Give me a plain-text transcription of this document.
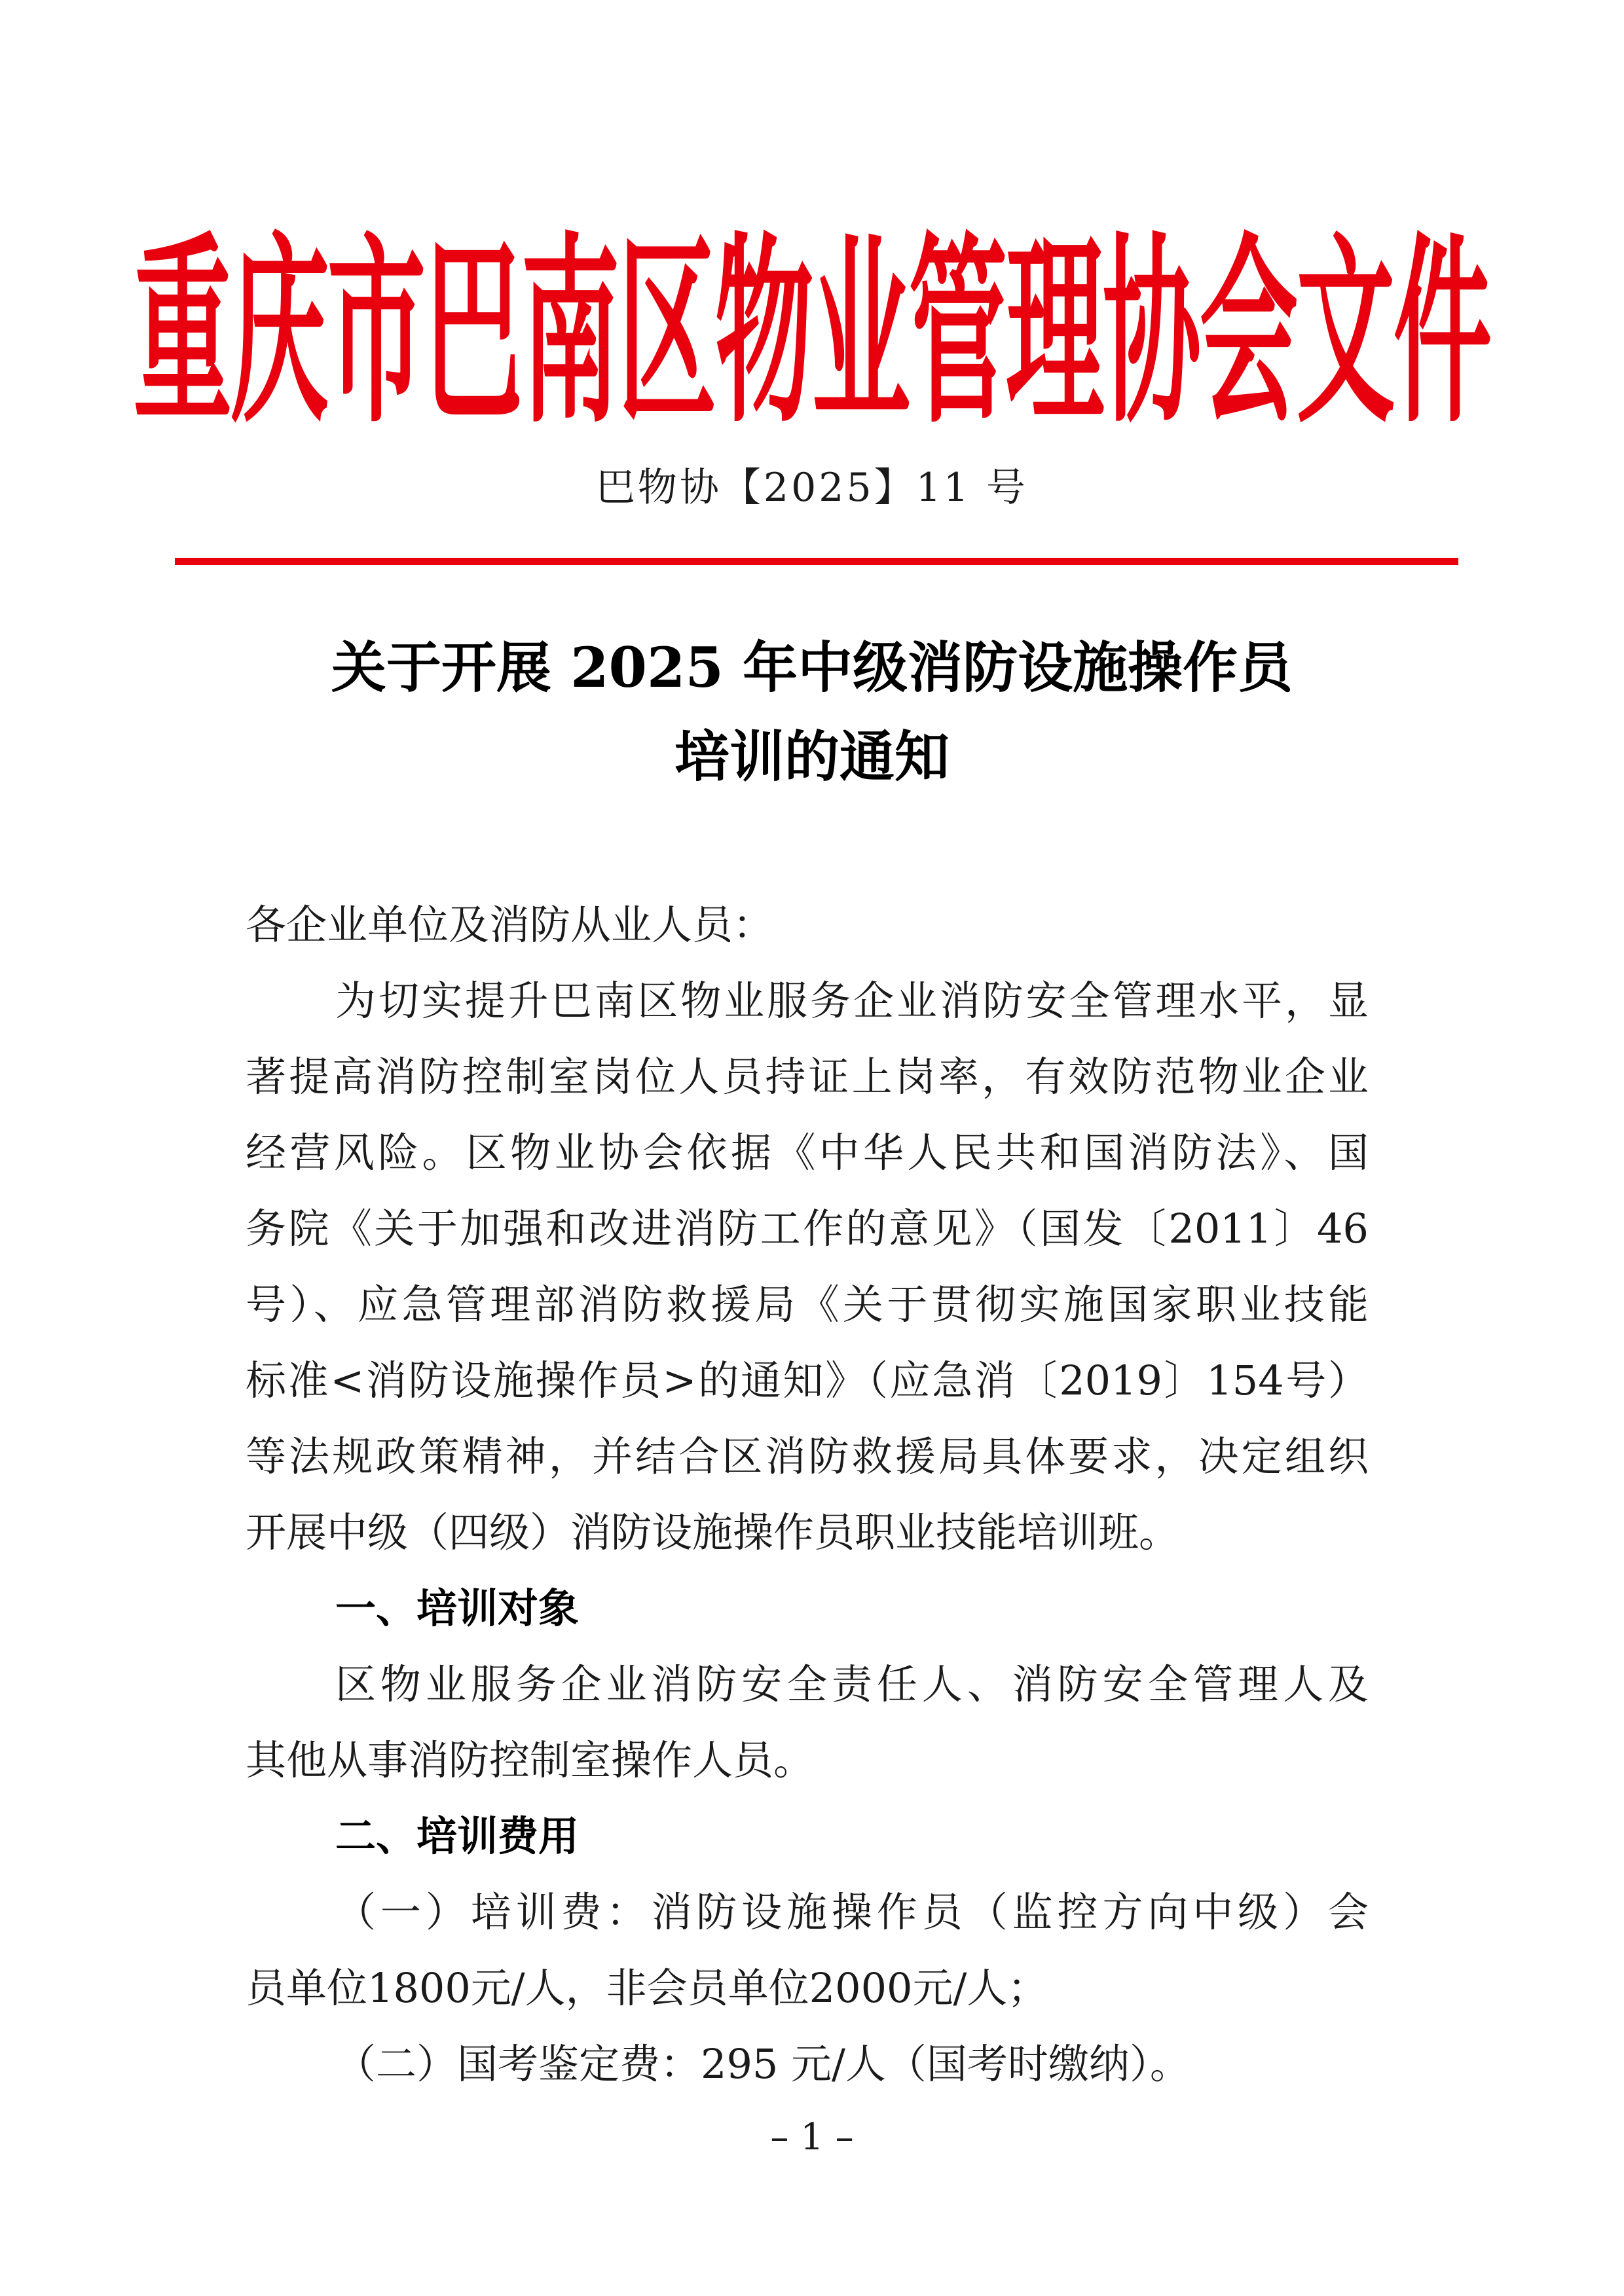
重庆市巴南区物业管理协会文件
巴物协【2025】11 号
关于开展 2025 年中级消防设施操作员
培训的通知
各企业单位及消防从业人员：
为切实提升巴南区物业服务企业消防安全管理水平，显
著提高消防控制室岗位人员持证上岗率，有效防范物业企业
经营风险。区物业协会依据《中华人民共和国消防法》、国
务院《关于加强和改进消防工作的意见》（国发〔2011〕46
号）、应急管理部消防救援局《关于贯彻实施国家职业技能
标准<消防设施操作员>的通知》（应急消〔2019〕154号）
等法规政策精神，并结合区消防救援局具体要求，决定组织
开展中级（四级）消防设施操作员职业技能培训班。
一、培训对象
区物业服务企业消防安全责任人、消防安全管理人及
其他从事消防控制室操作人员。
二、培训费用
（一）培训费：消防设施操作员（监控方向中级）会
员单位1800元/人，非会员单位2000元/人；
（二）国考鉴定费：295 元/人（国考时缴纳）。
– 1 –
